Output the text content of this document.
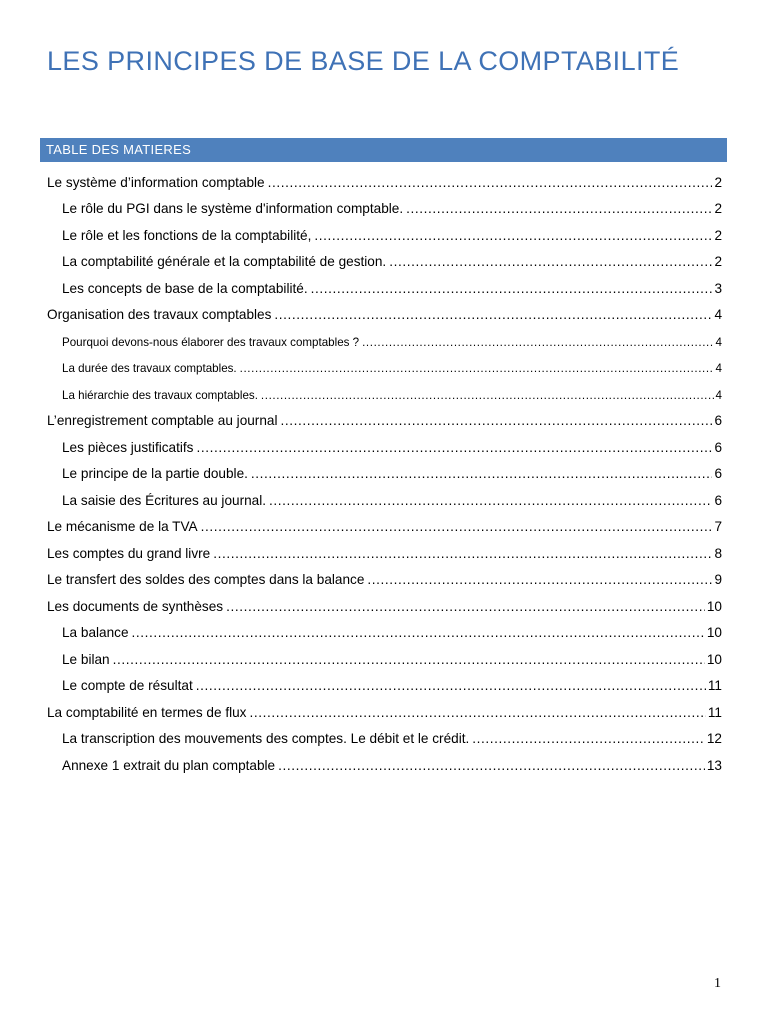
LES PRINCIPES DE BASE DE LA COMPTABILITÉ
TABLE DES MATIERES
Le système d’information comptable .....	2
Le rôle du PGI dans le système d'information comptable. .....	2
Le rôle et les fonctions de la comptabilité, .....	2
La comptabilité générale et la comptabilité de gestion. .....	2
Les concepts de base de la comptabilité. .....	3
Organisation des travaux comptables .....	4
Pourquoi devons-nous élaborer des travaux comptables ? .....	4
La durée des travaux comptables. .....	4
La hiérarchie des travaux comptables. .....	4
L’enregistrement comptable au journal .....	6
Les pièces justificatifs .....	6
Le principe de la partie double. .....	6
La saisie des Écritures au journal. .....	6
Le mécanisme de la TVA .....	7
Les comptes du grand livre .....	8
Le transfert des soldes des comptes dans la balance .....	9
Les documents de synthèses .....	10
La balance .....	10
Le bilan .....	10
Le compte de résultat .....	11
La comptabilité en termes de flux .....	11
La transcription des mouvements des comptes. Le débit et le crédit. .....	12
Annexe 1 extrait du plan comptable .....	13
1
